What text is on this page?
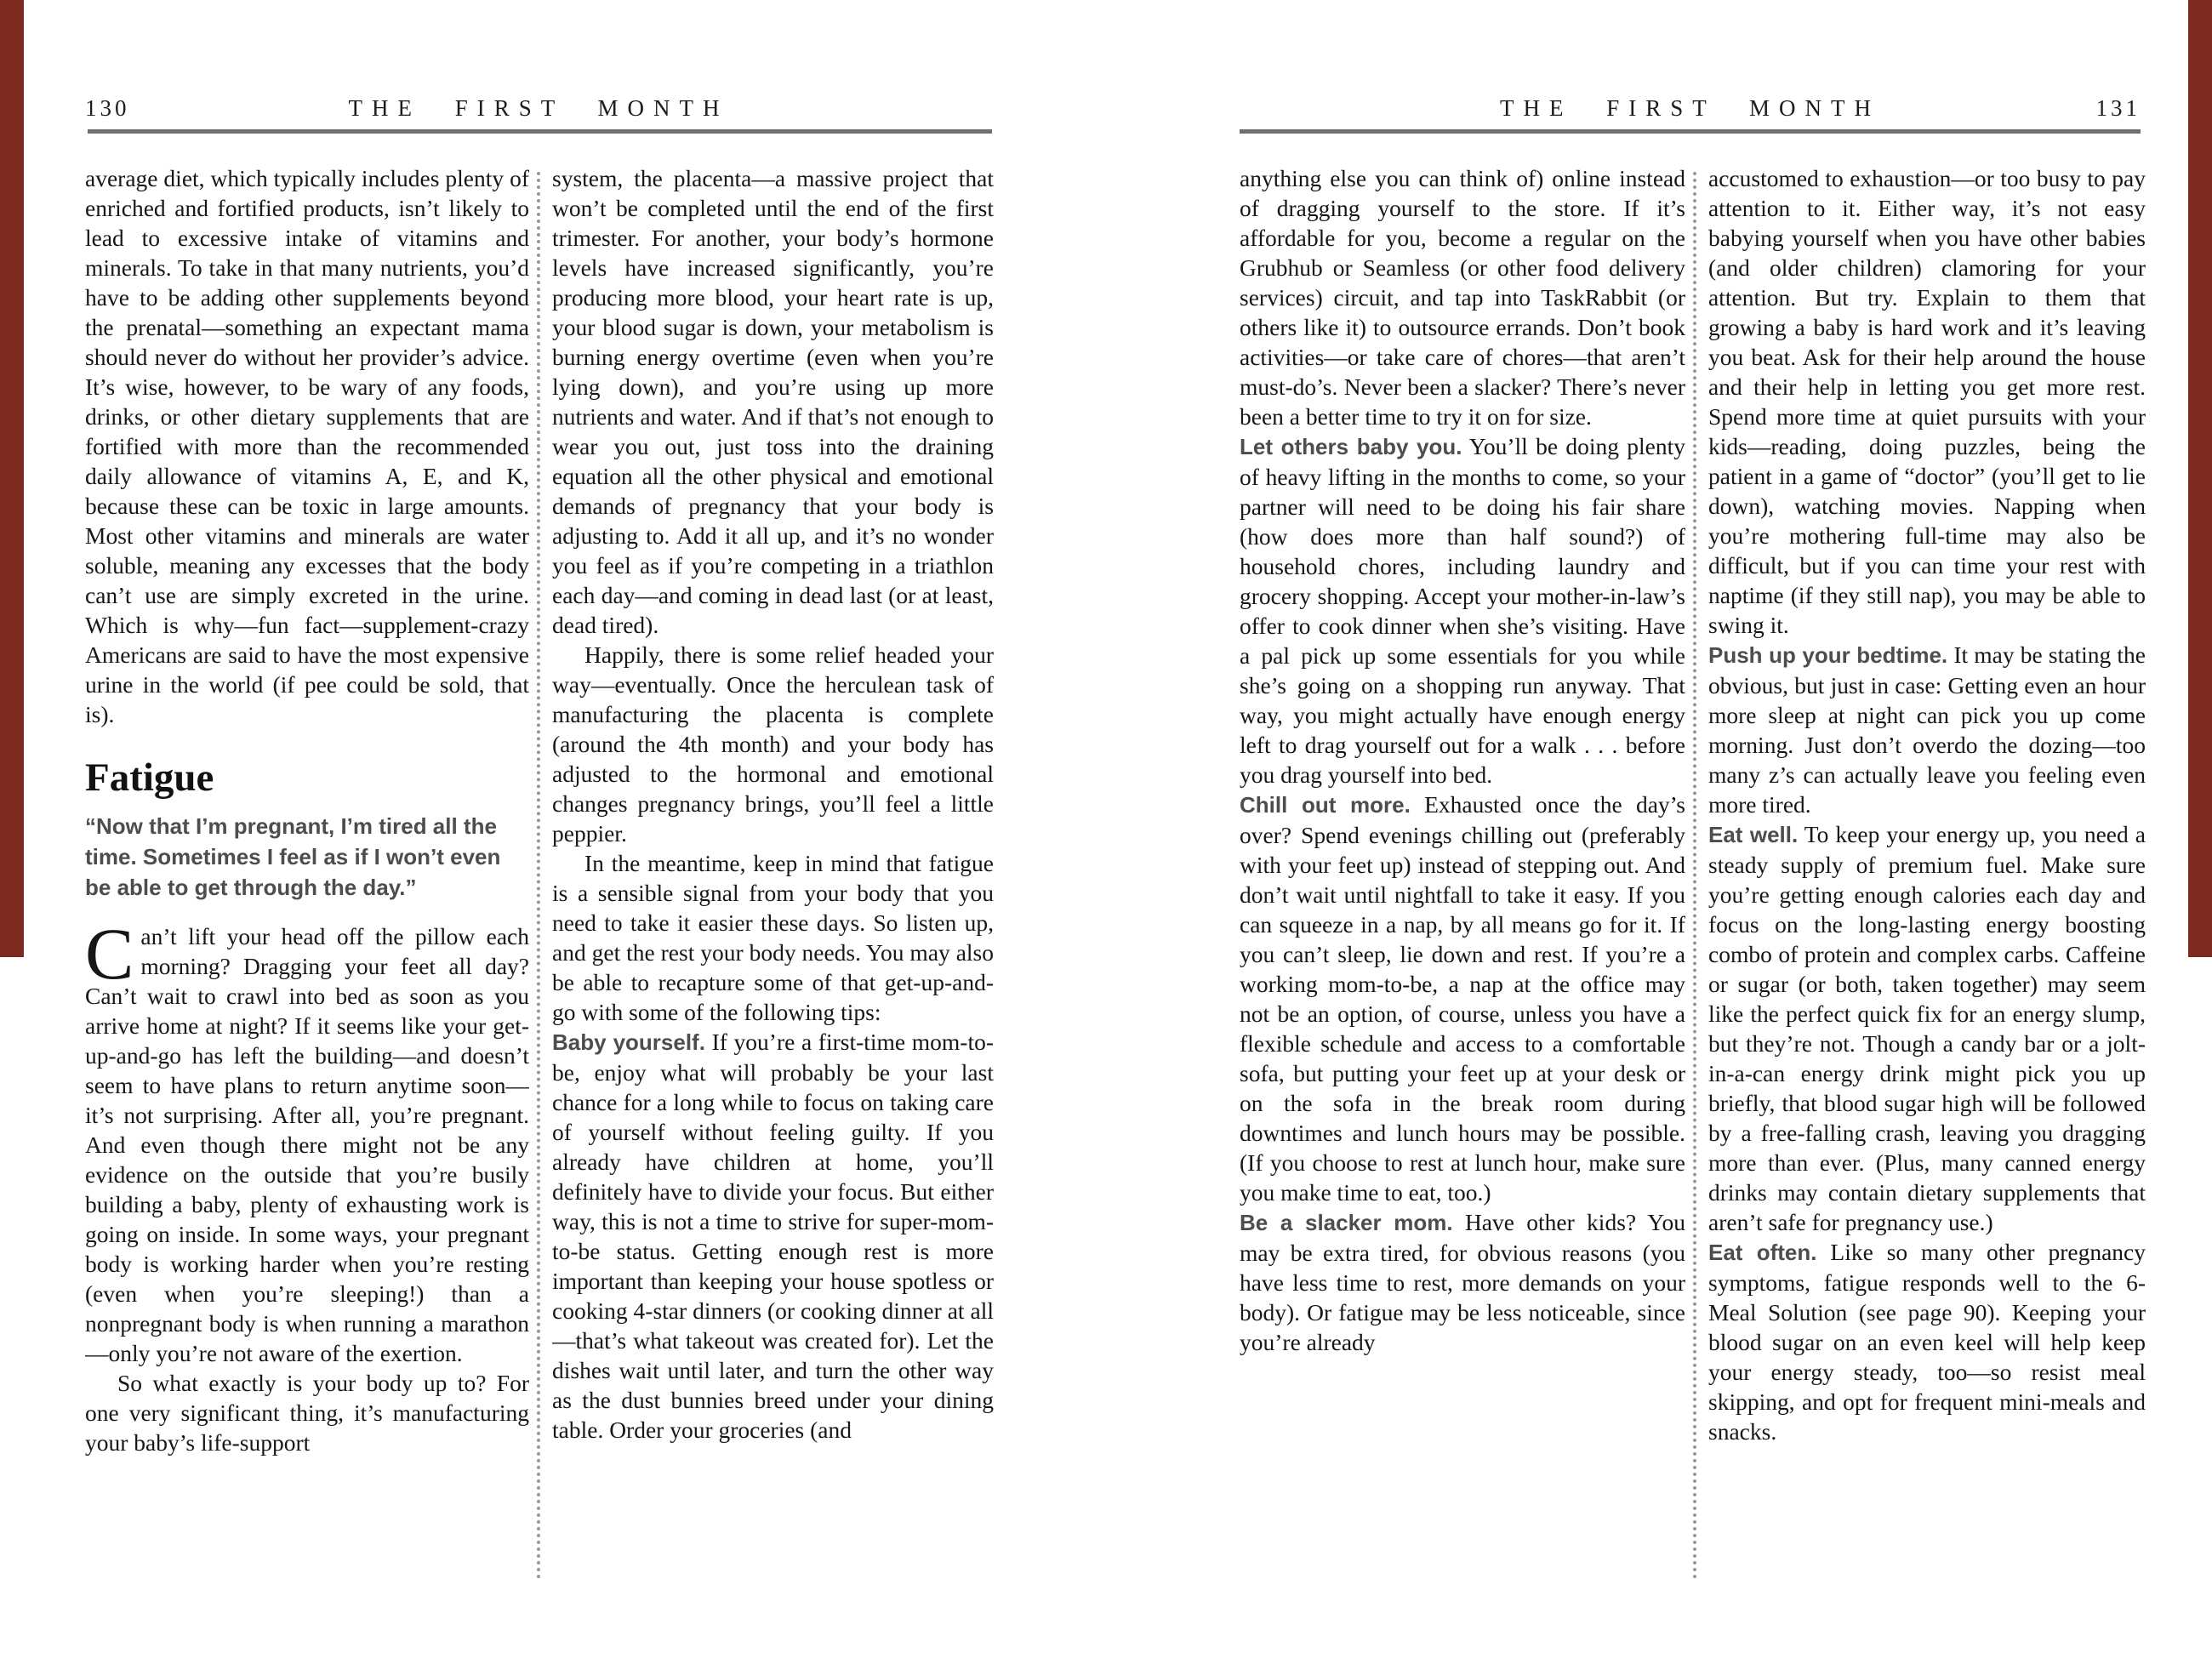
130	THE FIRST MONTH

average diet, which typically includes plenty of enriched and fortified products, isn’t likely to lead to excessive intake of vitamins and minerals. To take in that many nutrients, you’d have to be adding other supplements beyond the prenatal—something an expectant mama should never do without her provider’s advice. It’s wise, however, to be wary of any foods, drinks, or other dietary supplements that are fortified with more than the recommended daily allowance of vitamins A, E, and K, because these can be toxic in large amounts. Most other vitamins and minerals are water soluble, meaning any excesses that the body can’t use are simply excreted in the urine. Which is why—fun fact—supplement-crazy Americans are said to have the most expensive urine in the world (if pee could be sold, that is).

Fatigue

“Now that I’m pregnant, I’m tired all the time. Sometimes I feel as if I won’t even be able to get through the day.”

Can’t lift your head off the pillow each morning? Dragging your feet all day? Can’t wait to crawl into bed as soon as you arrive home at night? If it seems like your get-up-and-go has left the building—and doesn’t seem to have plans to return anytime soon—it’s not surprising. After all, you’re pregnant. And even though there might not be any evidence on the outside that you’re busily building a baby, plenty of exhausting work is going on inside. In some ways, your pregnant body is working harder when you’re resting (even when you’re sleeping!) than a nonpregnant body is when running a marathon—only you’re not aware of the exertion.

So what exactly is your body up to? For one very significant thing, it’s manufacturing your baby’s life-support

system, the placenta—a massive project that won’t be completed until the end of the first trimester. For another, your body’s hormone levels have increased significantly, you’re producing more blood, your heart rate is up, your blood sugar is down, your metabolism is burning energy overtime (even when you’re lying down), and you’re using up more nutrients and water. And if that’s not enough to wear you out, just toss into the draining equation all the other physical and emotional demands of pregnancy that your body is adjusting to. Add it all up, and it’s no wonder you feel as if you’re competing in a triathlon each day—and coming in dead last (or at least, dead tired).

Happily, there is some relief headed your way—eventually. Once the herculean task of manufacturing the placenta is complete (around the 4th month) and your body has adjusted to the hormonal and emotional changes pregnancy brings, you’ll feel a little peppier.

In the meantime, keep in mind that fatigue is a sensible signal from your body that you need to take it easier these days. So listen up, and get the rest your body needs. You may also be able to recapture some of that get-up-and-go with some of the following tips:

Baby yourself. If you’re a first-time mom-to-be, enjoy what will probably be your last chance for a long while to focus on taking care of yourself without feeling guilty. If you already have children at home, you’ll definitely have to divide your focus. But either way, this is not a time to strive for super-mom-to-be status. Getting enough rest is more important than keeping your house spotless or cooking 4-star dinners (or cooking dinner at all—that’s what takeout was created for). Let the dishes wait until later, and turn the other way as the dust bunnies breed under your dining table. Order your groceries (and

THE FIRST MONTH	131

anything else you can think of) online instead of dragging yourself to the store. If it’s affordable for you, become a regular on the Grubhub or Seamless (or other food delivery services) circuit, and tap into TaskRabbit (or others like it) to outsource errands. Don’t book activities—or take care of chores—that aren’t must-do’s. Never been a slacker? There’s never been a better time to try it on for size.

Let others baby you. You’ll be doing plenty of heavy lifting in the months to come, so your partner will need to be doing his fair share (how does more than half sound?) of household chores, including laundry and grocery shopping. Accept your mother-in-law’s offer to cook dinner when she’s visiting. Have a pal pick up some essentials for you while she’s going on a shopping run anyway. That way, you might actually have enough energy left to drag yourself out for a walk . . . before you drag yourself into bed.

Chill out more. Exhausted once the day’s over? Spend evenings chilling out (preferably with your feet up) instead of stepping out. And don’t wait until nightfall to take it easy. If you can squeeze in a nap, by all means go for it. If you can’t sleep, lie down and rest. If you’re a working mom-to-be, a nap at the office may not be an option, of course, unless you have a flexible schedule and access to a comfortable sofa, but putting your feet up at your desk or on the sofa in the break room during downtimes and lunch hours may be possible. (If you choose to rest at lunch hour, make sure you make time to eat, too.)

Be a slacker mom. Have other kids? You may be extra tired, for obvious reasons (you have less time to rest, more demands on your body). Or fatigue may be less noticeable, since you’re already

accustomed to exhaustion—or too busy to pay attention to it. Either way, it’s not easy babying yourself when you have other babies (and older children) clamoring for your attention. But try. Explain to them that growing a baby is hard work and it’s leaving you beat. Ask for their help around the house and their help in letting you get more rest. Spend more time at quiet pursuits with your kids—reading, doing puzzles, being the patient in a game of “doctor” (you’ll get to lie down), watching movies. Napping when you’re mothering full-time may also be difficult, but if you can time your rest with naptime (if they still nap), you may be able to swing it.

Push up your bedtime. It may be stating the obvious, but just in case: Getting even an hour more sleep at night can pick you up come morning. Just don’t overdo the dozing—too many z’s can actually leave you feeling even more tired.

Eat well. To keep your energy up, you need a steady supply of premium fuel. Make sure you’re getting enough calories each day and focus on the long-lasting energy boosting combo of protein and complex carbs. Caffeine or sugar (or both, taken together) may seem like the perfect quick fix for an energy slump, but they’re not. Though a candy bar or a jolt-in-a-can energy drink might pick you up briefly, that blood sugar high will be followed by a free-falling crash, leaving you dragging more than ever. (Plus, many canned energy drinks may contain dietary supplements that aren’t safe for pregnancy use.)

Eat often. Like so many other pregnancy symptoms, fatigue responds well to the 6-Meal Solution (see page 90). Keeping your blood sugar on an even keel will help keep your energy steady, too—so resist meal skipping, and opt for frequent mini-meals and snacks.
